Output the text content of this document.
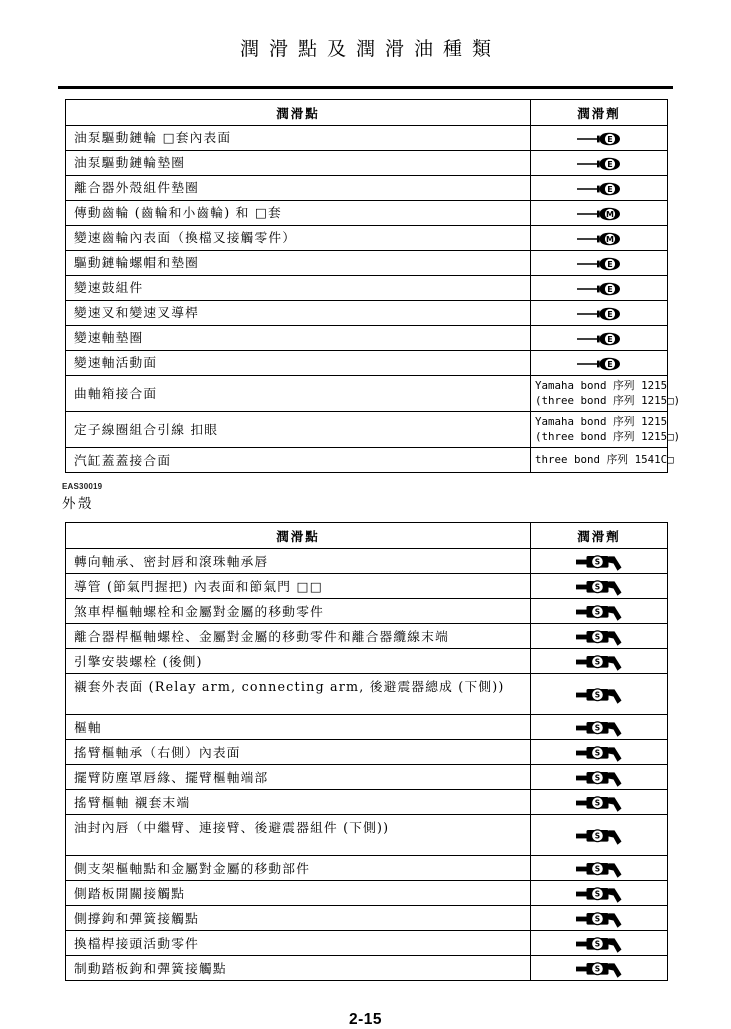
潤滑點及潤滑油種類
潤滑點	潤滑劑
油泵驅動鏈輪 □套內表面	E

油泵驅動鏈輪墊圈	E

離合器外殼組件墊圈	E

傳動齒輪 (齒輪和小齒輪) 和 □套	M

變速齒輪內表面（換檔叉接觸零件）	M

驅動鏈輪螺帽和墊圈	E

變速鼓組件	E

變速叉和變速叉導桿	E

變速軸墊圈	E

變速軸活動面	E

曲軸箱接合面	Yamaha bond 序列 1215
(three bond 序列 1215□)

定子線圈組合引線 扣眼	Yamaha bond 序列 1215
(three bond 序列 1215□)

汽缸蓋蓋接合面	three bond 序列 1541C□
EAS30019
外殼
潤滑點	潤滑劑
轉向軸承、密封唇和滾珠軸承唇	S

導管 (節氣門握把) 內表面和節氣門 □□	S

煞車桿樞軸螺栓和金屬對金屬的移動零件	S

離合器桿樞軸螺栓、金屬對金屬的移動零件和離合器纜線末端	S

引擎安裝螺栓 (後側)	S

襯套外表面 (Relay arm, connecting arm, 後避震器總成 (下側))	S

樞軸	S

搖臂樞軸承（右側）內表面	S

擺臂防塵罩唇緣、擺臂樞軸端部	S

搖臂樞軸 襯套末端	S

油封內唇（中繼臂、連接臂、後避震器組件 (下側))	S

側支架樞軸點和金屬對金屬的移動部件	S

側踏板開關接觸點	S

側撐鉤和彈簧接觸點	S

換檔桿接頭活動零件	S

制動踏板鉤和彈簧接觸點	S
2-15
